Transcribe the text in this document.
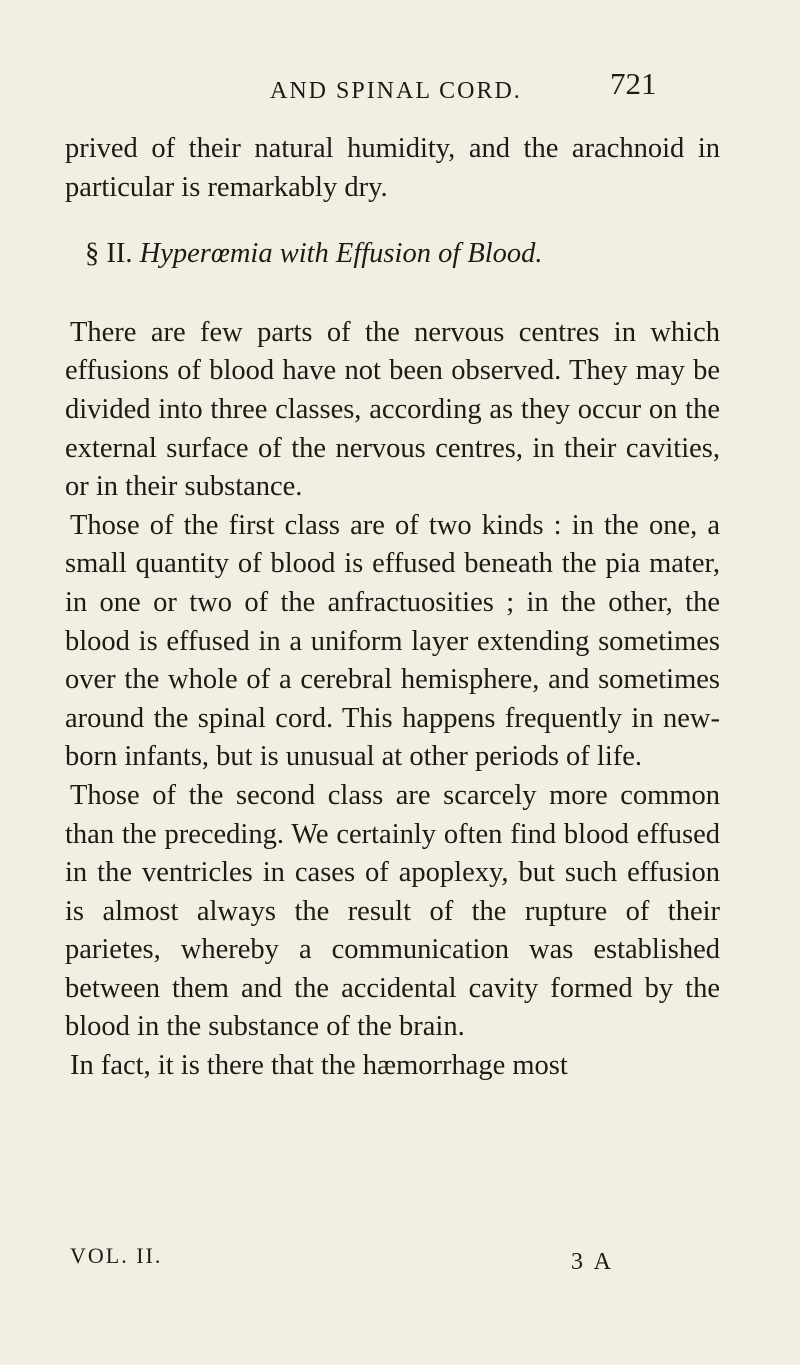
AND SPINAL CORD.	721

prived of their natural humidity, and the arachnoid in particular is remarkably dry.

§ II. Hyperœmia with Effusion of Blood.

There are few parts of the nervous centres in which effusions of blood have not been observed. They may be divided into three classes, according as they occur on the external surface of the nervous centres, in their cavities, or in their substance.

Those of the first class are of two kinds : in the one, a small quantity of blood is effused beneath the pia mater, in one or two of the anfractuosities ; in the other, the blood is effused in a uniform layer extending sometimes over the whole of a cerebral hemisphere, and sometimes around the spinal cord. This happens frequently in new-born infants, but is unusual at other periods of life.

Those of the second class are scarcely more common than the preceding. We certainly often find blood effused in the ventricles in cases of apoplexy, but such effusion is almost always the result of the rupture of their parietes, whereby a communication was established between them and the accidental cavity formed by the blood in the substance of the brain.

In fact, it is there that the hæmorrhage most

VOL. II.	3 A
